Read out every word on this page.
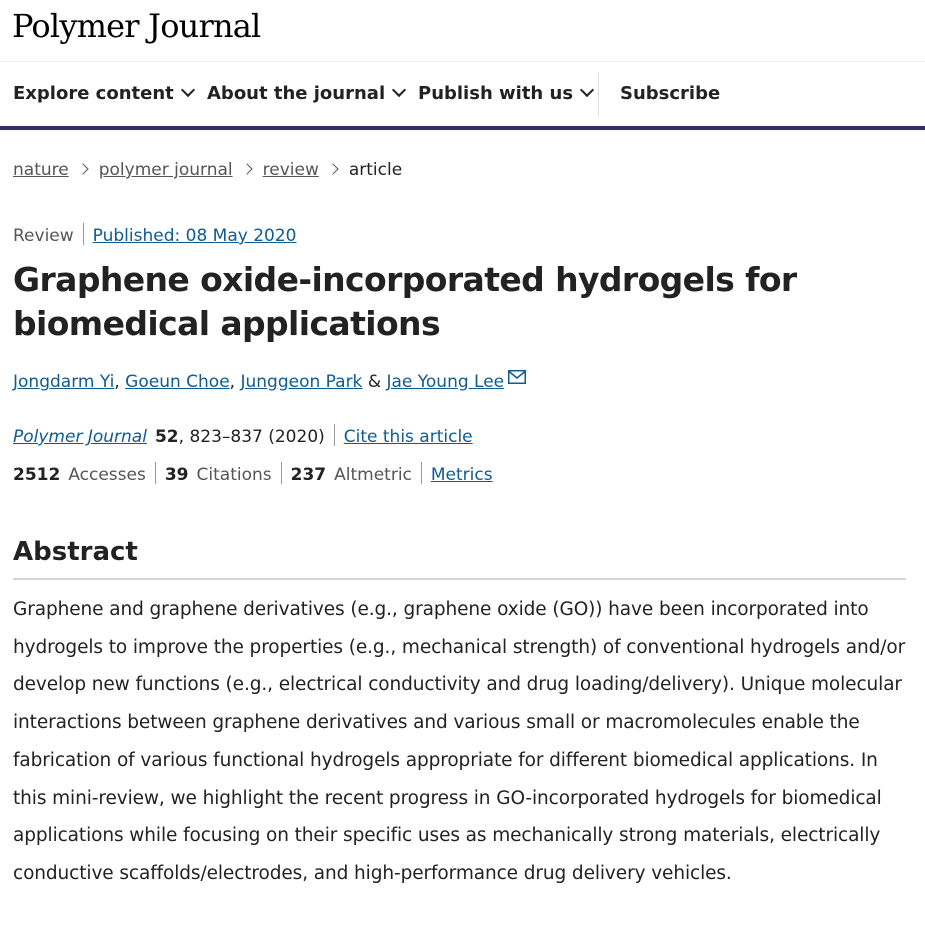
Polymer Journal
Explore content	About the journal	Publish with us	Subscribe
nature polymer journal review article
Review Published: 08 May 2020
Graphene oxide-incorporated hydrogels for biomedical applications
Jongdarm Yi, Goeun Choe, Junggeon Park & Jae Young Lee
Polymer Journal 52, 823–837 (2020) Cite this article
2512 Accesses 39 Citations 237 Altmetric Metrics
Abstract

Graphene and graphene derivatives (e.g., graphene oxide (GO)) have been incorporated into hydrogels to improve the properties (e.g., mechanical strength) of conventional hydrogels and/or develop new functions (e.g., electrical conductivity and drug loading/delivery). Unique molecular interactions between graphene derivatives and various small or macromolecules enable the fabrication of various functional hydrogels appropriate for different biomedical applications. In this mini-review, we highlight the recent progress in GO-incorporated hydrogels for biomedical applications while focusing on their specific uses as mechanically strong materials, electrically conductive scaffolds/electrodes, and high-performance drug delivery vehicles.
